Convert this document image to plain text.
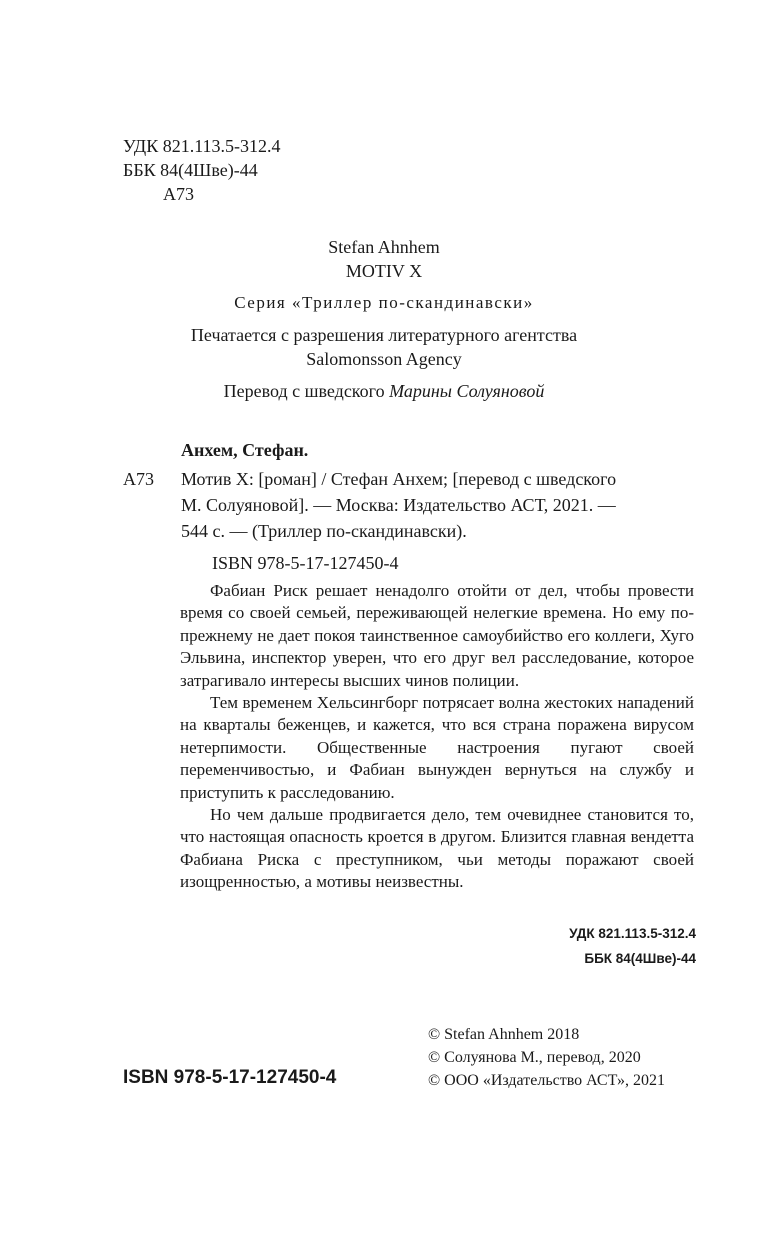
УДК 821.113.5-312.4
ББК 84(4Шве)-44
А73
Stefan Ahnhem
MOTIV X
Серия «Триллер по-скандинавски»
Печатается с разрешения литературного агентства
Salomonsson Agency
Перевод с шведского Марины Солуяновой
Анхем, Стефан.
А73 Мотив X: [роман] / Стефан Анхем; [перевод с шведского
М. Солуяновой]. — Москва: Издательство АСТ, 2021. —
544 с. — (Триллер по-скандинавски).
ISBN 978-5-17-127450-4

Фабиан Риск решает ненадолго отойти от дел, чтобы провести время со своей семьей, переживающей нелегкие времена. Но ему по-прежнему не дает покоя таинственное самоубийство его коллеги, Хуго Эльвина, инспектор уверен, что его друг вел расследование, которое затрагивало интересы высших чинов полиции.

Тем временем Хельсингборг потрясает волна жестоких нападений на кварталы беженцев, и кажется, что вся страна поражена вирусом нетерпимости. Общественные настроения пугают своей переменчивостью, и Фабиан вынужден вернуться на службу и приступить к расследованию.

Но чем дальше продвигается дело, тем очевиднее становится то, что настоящая опасность кроется в другом. Близится главная вендетта Фабиана Риска с преступником, чьи методы поражают своей изощренностью, а мотивы неизвестны.

УДК 821.113.5-312.4
ББК 84(4Шве)-44
ISBN 978-5-17-127450-4
© Stefan Ahnhem 2018
© Солуянова М., перевод, 2020
© ООО «Издательство АСТ», 2021
